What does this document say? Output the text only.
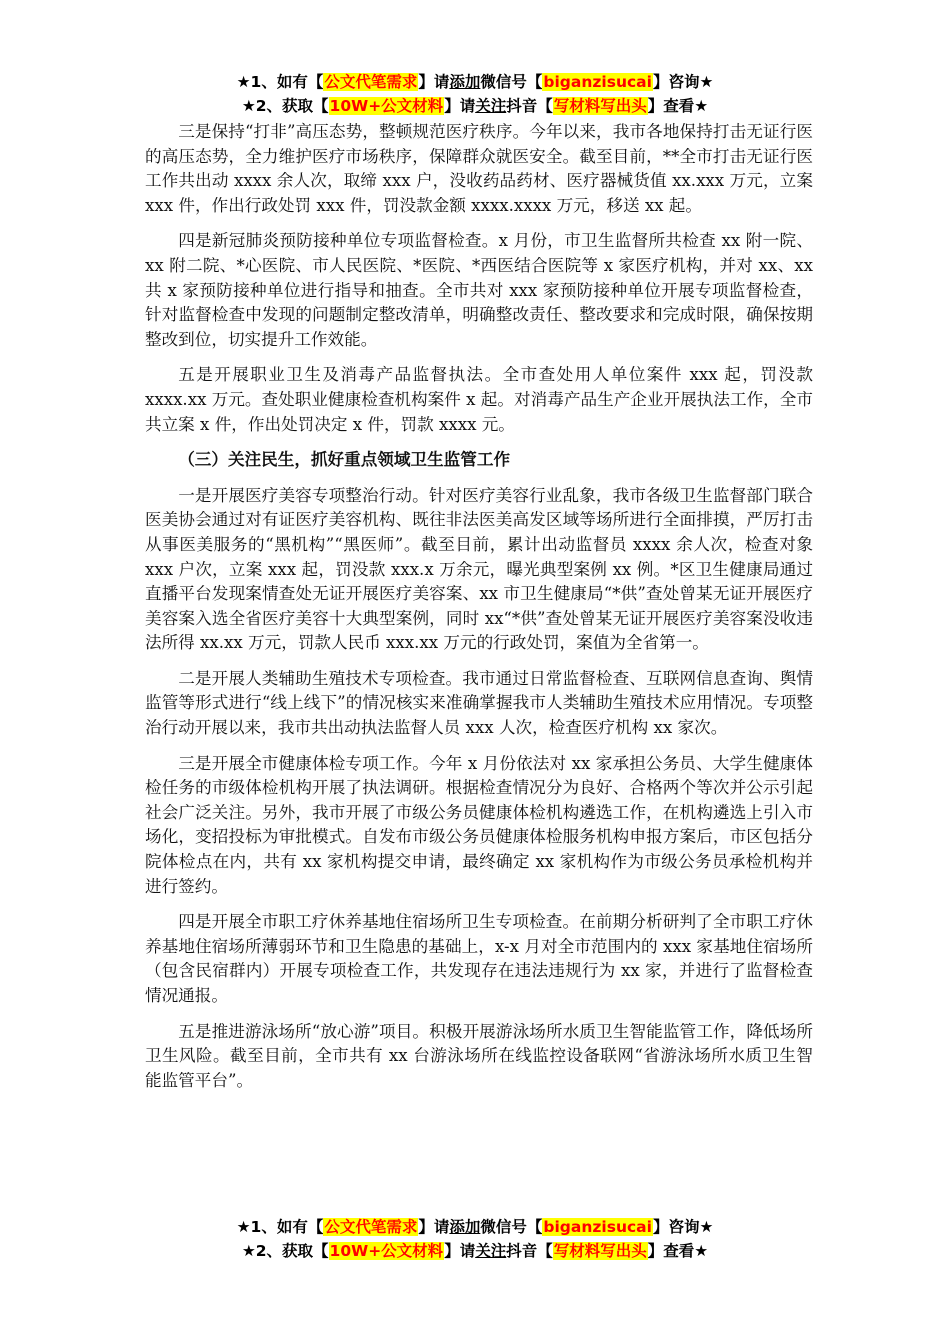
★1、如有【公文代笔需求】请添加微信号【biganzisucai】咨询★
★2、获取【10W+公文材料】请关注抖音【写材料写出头】查看★

三是保持“打非”高压态势，整顿规范医疗秩序。今年以来，我市各地保持打击无证行医的高压态势，全力维护医疗市场秩序，保障群众就医安全。截至目前，**全市打击无证行医工作共出动 xxxx 余人次，取缔 xxx 户，没收药品药材、医疗器械货值 xx.xxx 万元，立案 xxx 件，作出行政处罚 xxx 件，罚没款金额 xxxx.xxxx 万元，移送 xx 起。

四是新冠肺炎预防接种单位专项监督检查。x 月份，市卫生监督所共检查 xx 附一院、xx 附二院、*心医院、市人民医院、*医院、*西医结合医院等 x 家医疗机构，并对 xx、xx 共 x 家预防接种单位进行指导和抽查。全市共对 xxx 家预防接种单位开展专项监督检查，针对监督检查中发现的问题制定整改清单，明确整改责任、整改要求和完成时限，确保按期整改到位，切实提升工作效能。

五是开展职业卫生及消毒产品监督执法。全市查处用人单位案件 xxx 起，罚没款 xxxx.xx 万元。查处职业健康检查机构案件 x 起。对消毒产品生产企业开展执法工作，全市共立案 x 件，作出处罚决定 x 件，罚款 xxxx 元。

（三）关注民生，抓好重点领域卫生监管工作

一是开展医疗美容专项整治行动。针对医疗美容行业乱象，我市各级卫生监督部门联合医美协会通过对有证医疗美容机构、既往非法医美高发区域等场所进行全面排摸，严厉打击从事医美服务的“黑机构”“黑医师”。截至目前，累计出动监督员 xxxx 余人次，检查对象 xxx 户次，立案 xxx 起，罚没款 xxx.x 万余元，曝光典型案例 xx 例。*区卫生健康局通过直播平台发现案情查处无证开展医疗美容案、xx 市卫生健康局“*供”查处曾某无证开展医疗美容案入选全省医疗美容十大典型案例，同时 xx“*供”查处曾某无证开展医疗美容案没收违法所得 xx.xx 万元，罚款人民币 xxx.xx 万元的行政处罚，案值为全省第一。

二是开展人类辅助生殖技术专项检查。我市通过日常监督检查、互联网信息查询、舆情监管等形式进行“线上线下”的情况核实来准确掌握我市人类辅助生殖技术应用情况。专项整治行动开展以来，我市共出动执法监督人员 xxx 人次，检查医疗机构 xx 家次。

三是开展全市健康体检专项工作。今年 x 月份依法对 xx 家承担公务员、大学生健康体检任务的市级体检机构开展了执法调研。根据检查情况分为良好、合格两个等次并公示引起社会广泛关注。另外，我市开展了市级公务员健康体检机构遴选工作，在机构遴选上引入市场化，变招投标为审批模式。自发布市级公务员健康体检服务机构申报方案后，市区包括分院体检点在内，共有 xx 家机构提交申请，最终确定 xx 家机构作为市级公务员承检机构并进行签约。

四是开展全市职工疗休养基地住宿场所卫生专项检查。在前期分析研判了全市职工疗休养基地住宿场所薄弱环节和卫生隐患的基础上，x-x 月对全市范围内的 xxx 家基地住宿场所（包含民宿群内）开展专项检查工作，共发现存在违法违规行为 xx 家，并进行了监督检查情况通报。

五是推进游泳场所“放心游”项目。积极开展游泳场所水质卫生智能监管工作，降低场所卫生风险。截至目前，全市共有 xx 台游泳场所在线监控设备联网“省游泳场所水质卫生智能监管平台”。

★1、如有【公文代笔需求】请添加微信号【biganzisucai】咨询★
★2、获取【10W+公文材料】请关注抖音【写材料写出头】查看★
